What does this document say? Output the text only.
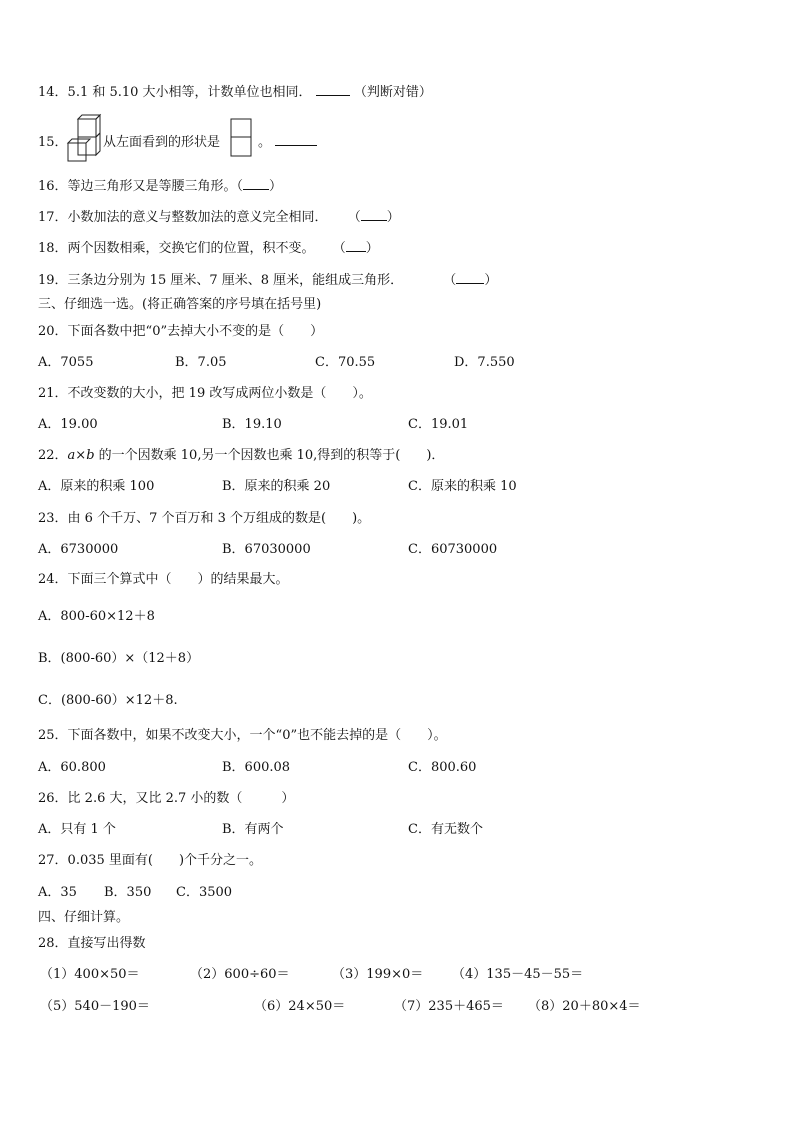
14．5.1 和 5.10 大小相等，计数单位也相同．	（判断对错）
15．	从左面看到的形状是	。
16．等边三角形又是等腰三角形。（ ）
17．小数加法的意义与整数加法的意义完全相同． （ ）
18．两个因数相乘，交换它们的位置，积不变。 （ ）
19．三条边分别为 15 厘米、7 厘米、8 厘米，能组成三角形．	（ ）
三、仔细选一选。(将正确答案的序号填在括号里)
20．下面各数中把“0”去掉大小不变的是（　　）
A．7055	B．7.05	C．70.55	D．7.550
21．不改变数的大小，把 19 改写成两位小数是（　　）。
A．19.00	B．19.10	C．19.01
22．a×b 的一个因数乘 10,另一个因数也乘 10,得到的积等于(　　)．
A．原来的积乘 100	B．原来的积乘 20	C．原来的积乘 10
23．由 6 个千万、7 个百万和 3 个万组成的数是(　　)。
A．6730000	B．67030000	C．60730000
24．下面三个算式中（　　）的结果最大。
A．800-60×12＋8
B．(800-60）×（12＋8）
C．(800-60）×12＋8.
25．下面各数中，如果不改变大小，一个“0”也不能去掉的是（　　）。
A．60.800	B．600.08	C．800.60
26．比 2.6 大，又比 2.7 小的数（　　　）
A．只有 1 个	B．有两个	C．有无数个
27．0.035 里面有(　　)个千分之一。
A．35 B．350 C．3500
四、仔细计算。
28．直接写出得数
（1）400×50＝	（2）600÷60＝	（3）199×0＝ （4）135－45－55＝
（5）540－190＝	（6）24×50＝	（7）235＋465＝ （8）20＋80×4＝
